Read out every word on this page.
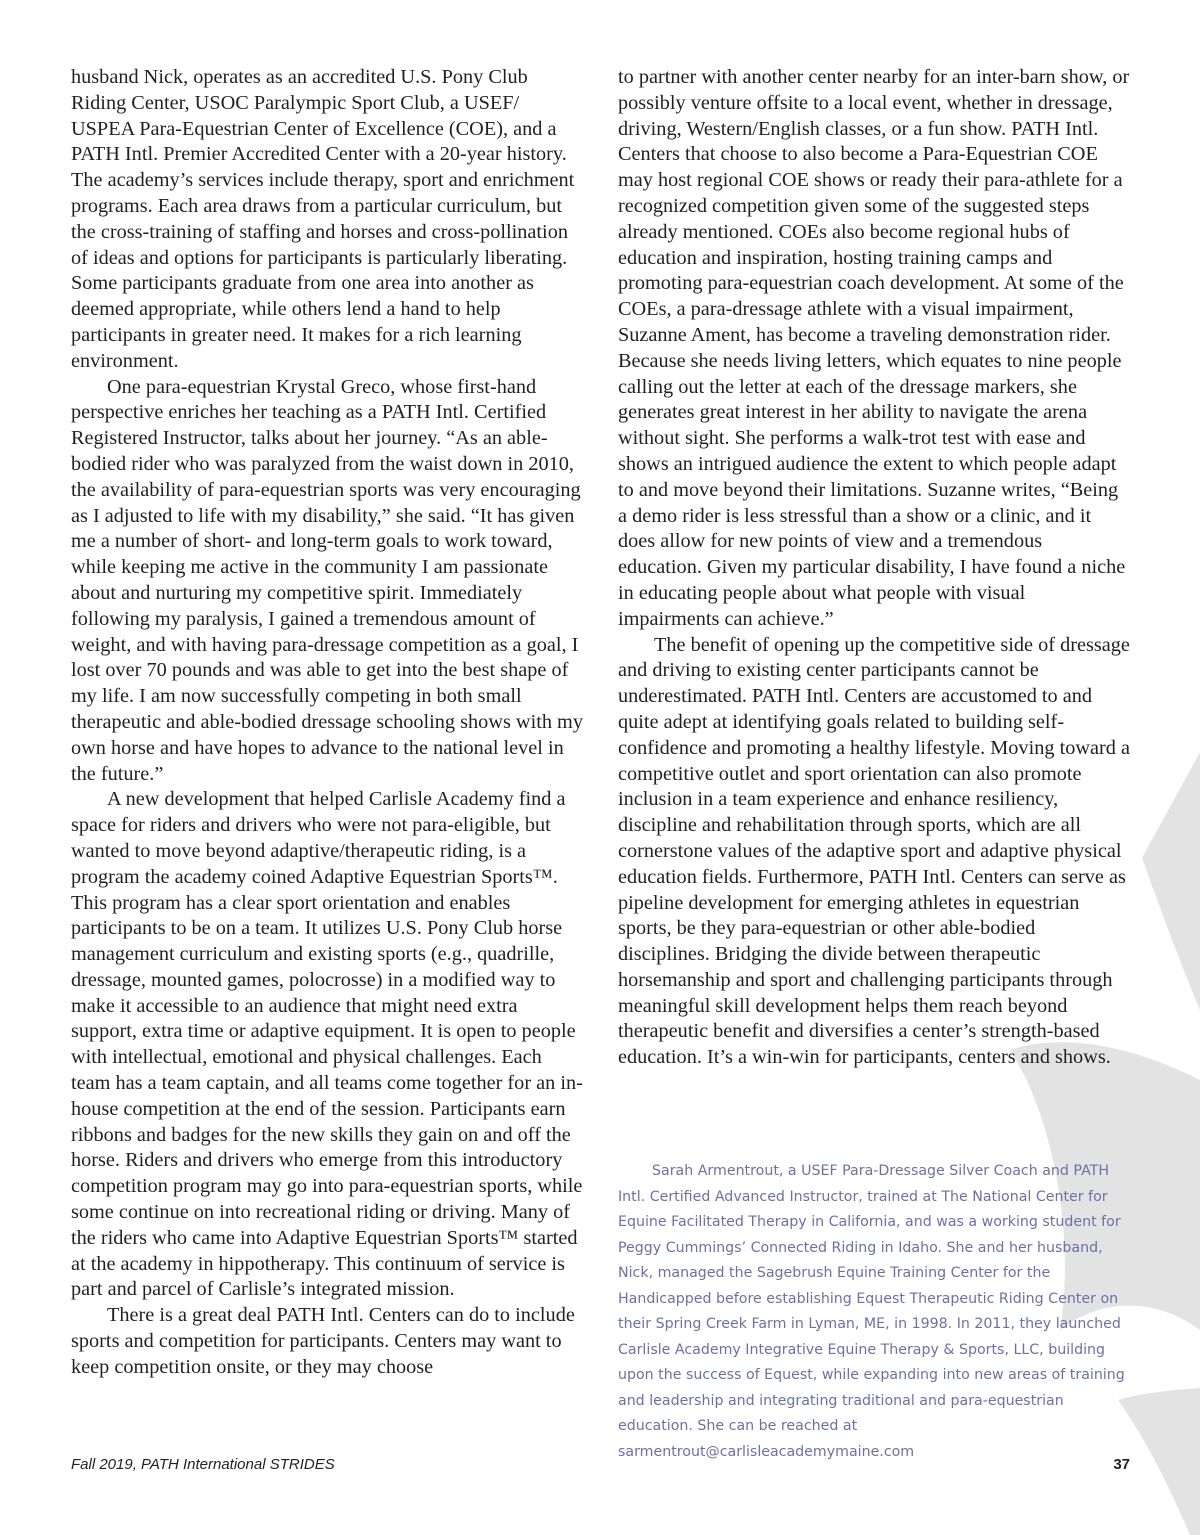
husband Nick, operates as an accredited U.S. Pony Club Riding Center, USOC Paralympic Sport Club, a USEF/ USPEA Para-Equestrian Center of Excellence (COE), and a PATH Intl. Premier Accredited Center with a 20-year history. The academy’s services include therapy, sport and enrichment programs. Each area draws from a particular curriculum, but the cross-training of staffing and horses and cross-pollination of ideas and options for participants is particularly liberating. Some participants graduate from one area into another as deemed appropriate, while others lend a hand to help participants in greater need. It makes for a rich learning environment.

One para-equestrian Krystal Greco, whose first-hand perspective enriches her teaching as a PATH Intl. Certified Registered Instructor, talks about her journey. “As an able-bodied rider who was paralyzed from the waist down in 2010, the availability of para-equestrian sports was very encouraging as I adjusted to life with my disability,” she said. “It has given me a number of short- and long-term goals to work toward, while keeping me active in the community I am passionate about and nurturing my competitive spirit. Immediately following my paralysis, I gained a tremendous amount of weight, and with having para-dressage competition as a goal, I lost over 70 pounds and was able to get into the best shape of my life. I am now successfully competing in both small therapeutic and able-bodied dressage schooling shows with my own horse and have hopes to advance to the national level in the future.”

A new development that helped Carlisle Academy find a space for riders and drivers who were not para-eligible, but wanted to move beyond adaptive/therapeutic riding, is a program the academy coined Adaptive Equestrian Sports™. This program has a clear sport orientation and enables participants to be on a team. It utilizes U.S. Pony Club horse management curriculum and existing sports (e.g., quadrille, dressage, mounted games, polocrosse) in a modified way to make it accessible to an audience that might need extra support, extra time or adaptive equipment. It is open to people with intellectual, emotional and physical challenges. Each team has a team captain, and all teams come together for an in-house competition at the end of the session. Participants earn ribbons and badges for the new skills they gain on and off the horse. Riders and drivers who emerge from this introductory competition program may go into para-equestrian sports, while some continue on into recreational riding or driving. Many of the riders who came into Adaptive Equestrian Sports™ started at the academy in hippotherapy. This continuum of service is part and parcel of Carlisle’s integrated mission.

There is a great deal PATH Intl. Centers can do to include sports and competition for participants. Centers may want to keep competition onsite, or they may choose

to partner with another center nearby for an inter-barn show, or possibly venture offsite to a local event, whether in dressage, driving, Western/English classes, or a fun show. PATH Intl. Centers that choose to also become a Para-Equestrian COE may host regional COE shows or ready their para-athlete for a recognized competition given some of the suggested steps already mentioned. COEs also become regional hubs of education and inspiration, hosting training camps and promoting para-equestrian coach development. At some of the COEs, a para-dressage athlete with a visual impairment, Suzanne Ament, has become a traveling demonstration rider. Because she needs living letters, which equates to nine people calling out the letter at each of the dressage markers, she generates great interest in her ability to navigate the arena without sight. She performs a walk-trot test with ease and shows an intrigued audience the extent to which people adapt to and move beyond their limitations. Suzanne writes, “Being a demo rider is less stressful than a show or a clinic, and it does allow for new points of view and a tremendous education. Given my particular disability, I have found a niche in educating people about what people with visual impairments can achieve.”

The benefit of opening up the competitive side of dressage and driving to existing center participants cannot be underestimated. PATH Intl. Centers are accustomed to and quite adept at identifying goals related to building self-confidence and promoting a healthy lifestyle. Moving toward a competitive outlet and sport orientation can also promote inclusion in a team experience and enhance resiliency, discipline and rehabilitation through sports, which are all cornerstone values of the adaptive sport and adaptive physical education fields. Furthermore, PATH Intl. Centers can serve as pipeline development for emerging athletes in equestrian sports, be they para-equestrian or other able-bodied disciplines. Bridging the divide between therapeutic horsemanship and sport and challenging participants through meaningful skill development helps them reach beyond therapeutic benefit and diversifies a center’s strength-based education. It’s a win-win for participants, centers and shows.

Sarah Armentrout, a USEF Para-Dressage Silver Coach and PATH Intl. Certified Advanced Instructor, trained at The National Center for Equine Facilitated Therapy in California, and was a working student for Peggy Cummings’ Connected Riding in Idaho. She and her husband, Nick, managed the Sagebrush Equine Training Center for the Handicapped before establishing Equest Therapeutic Riding Center on their Spring Creek Farm in Lyman, ME, in 1998. In 2011, they launched Carlisle Academy Integrative Equine Therapy & Sports, LLC, building upon the success of Equest, while expanding into new areas of training and leadership and integrating traditional and para-equestrian education. She can be reached at sarmentrout@carlisleacademymaine.com

Fall 2019, PATH International STRIDES	37
